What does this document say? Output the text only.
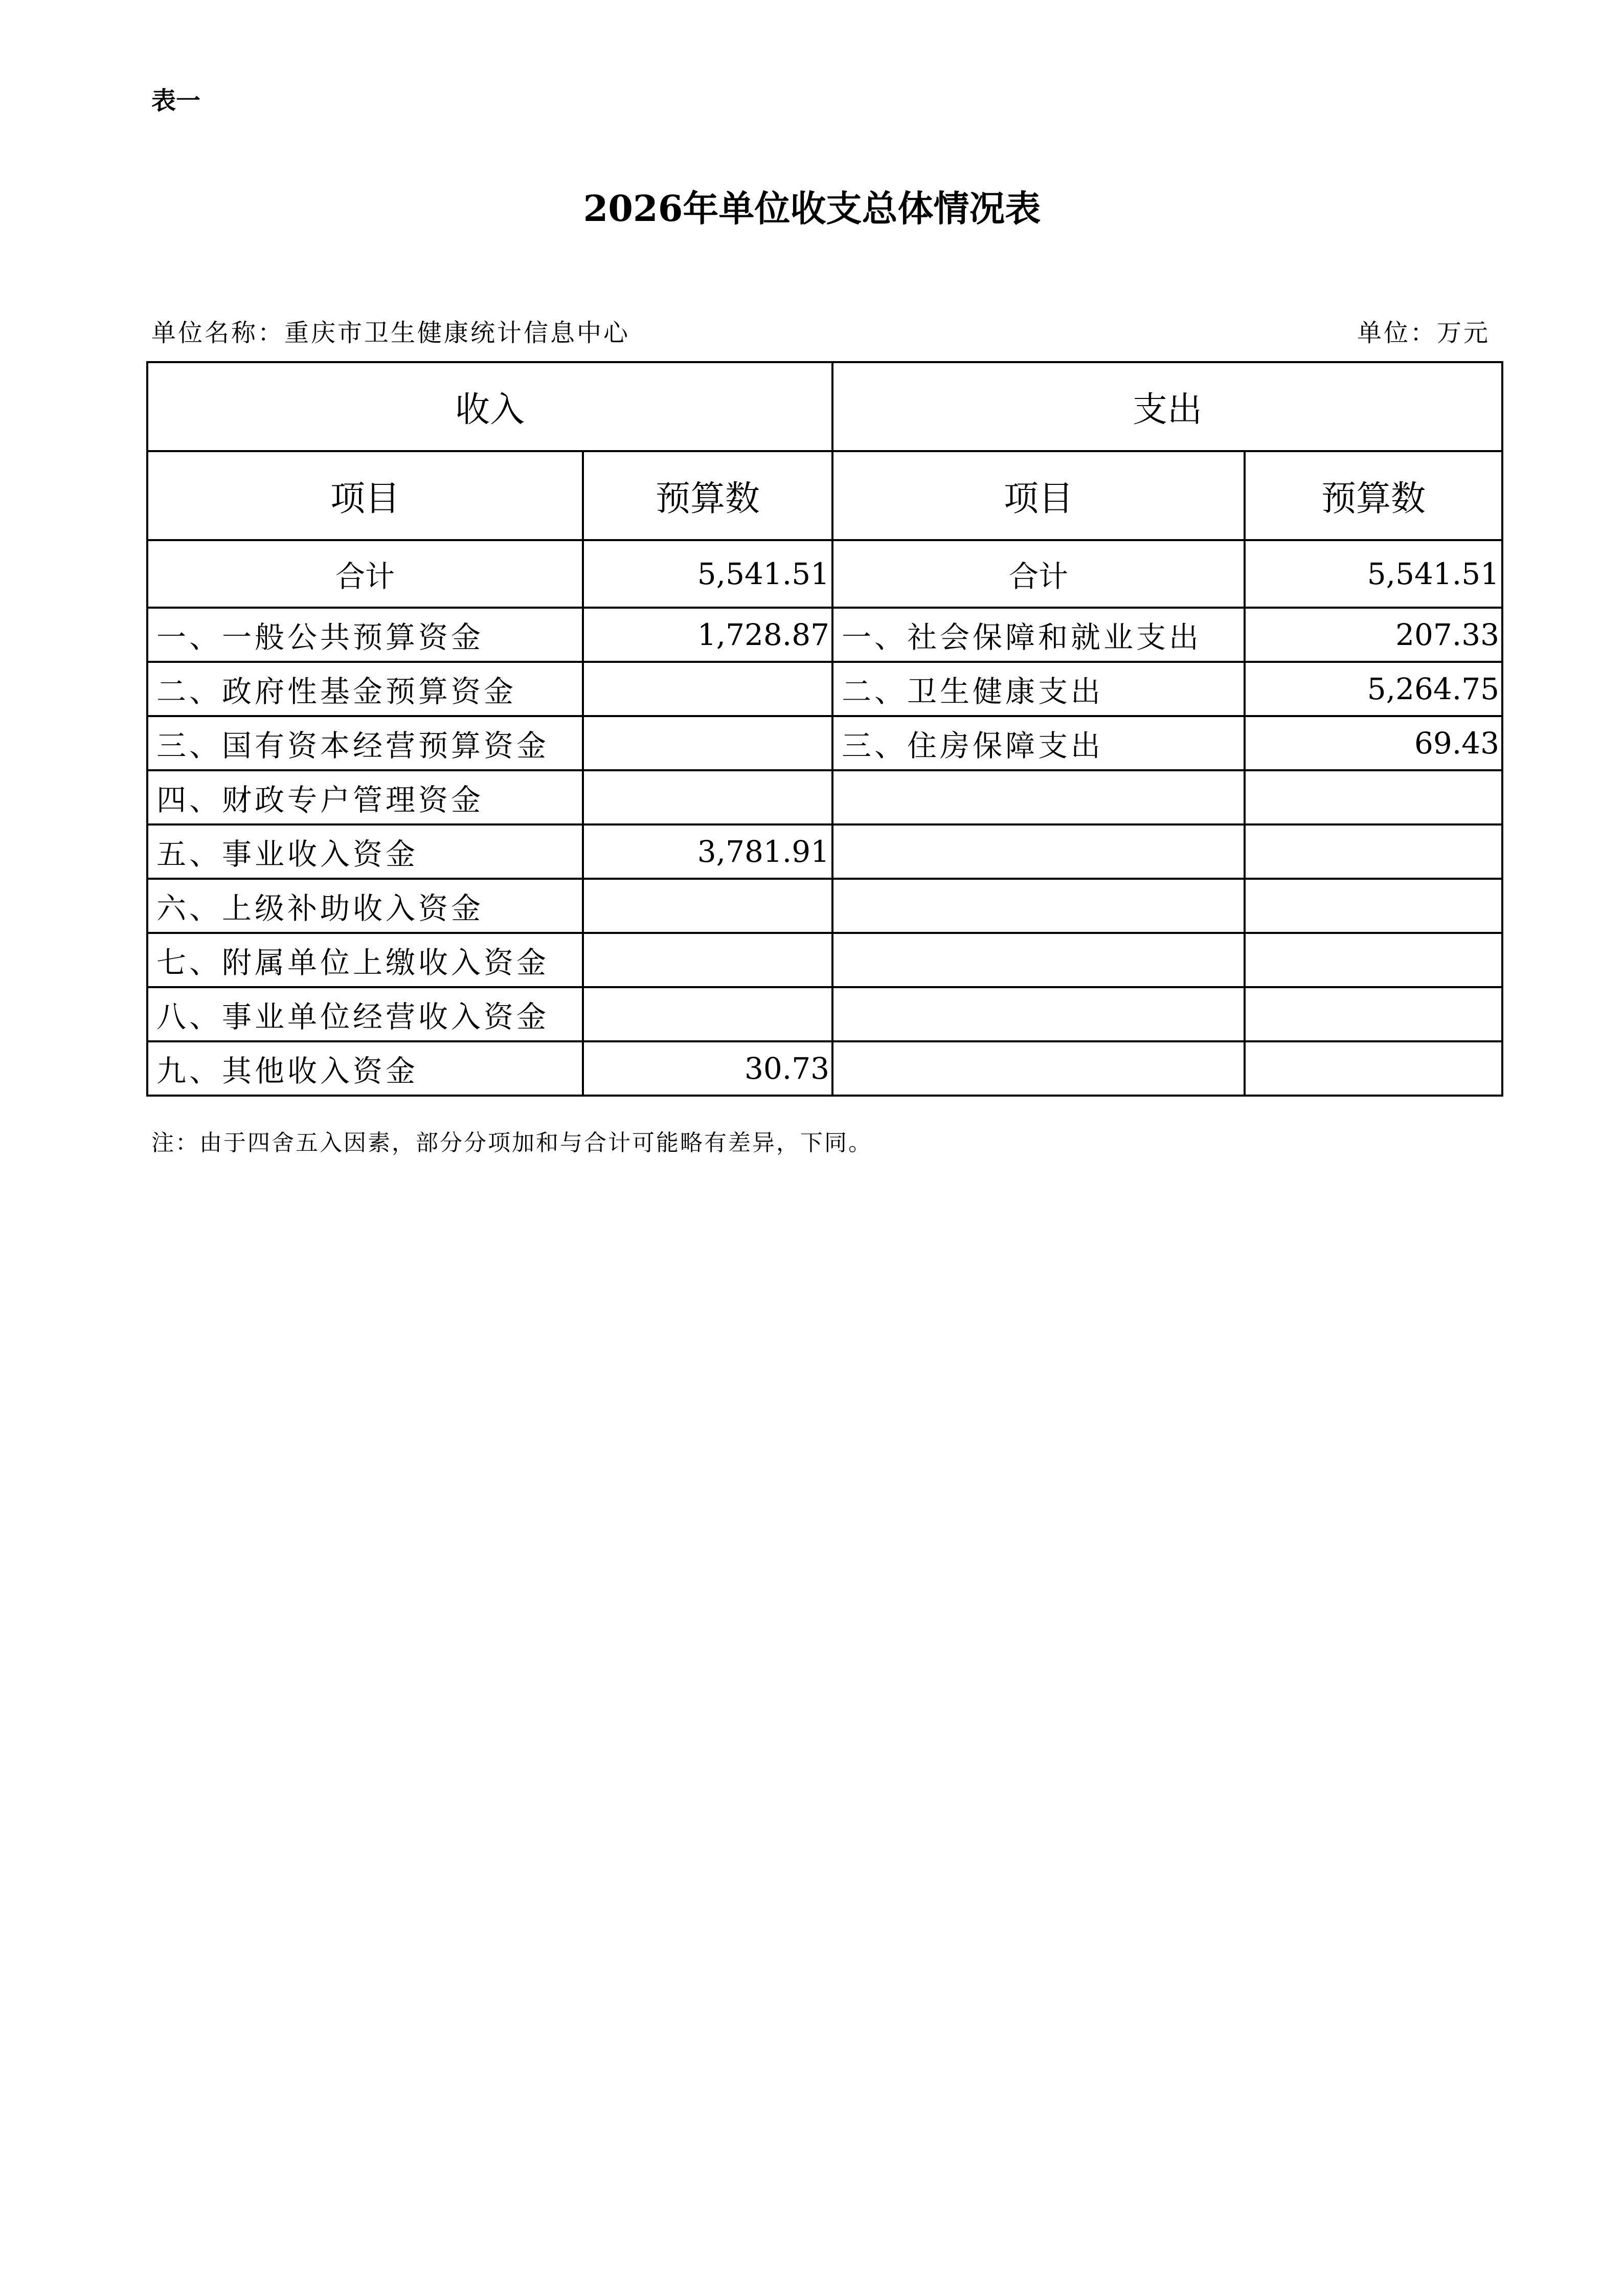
表一
2026年单位收支总体情况表
单位名称：重庆市卫生健康统计信息中心	单位：万元
收入		支出	
项目	预算数	项目	预算数
合计	5,541.51	合计	5,541.51
一、一般公共预算资金	1,728.87	一、社会保障和就业支出	207.33
二、政府性基金预算资金		二、卫生健康支出	5,264.75
三、国有资本经营预算资金		三、住房保障支出	69.43
四、财政专户管理资金			
五、事业收入资金	3,781.91		
六、上级补助收入资金			
七、附属单位上缴收入资金			
八、事业单位经营收入资金			
九、其他收入资金	30.73		
注：由于四舍五入因素，部分分项加和与合计可能略有差异，下同。
